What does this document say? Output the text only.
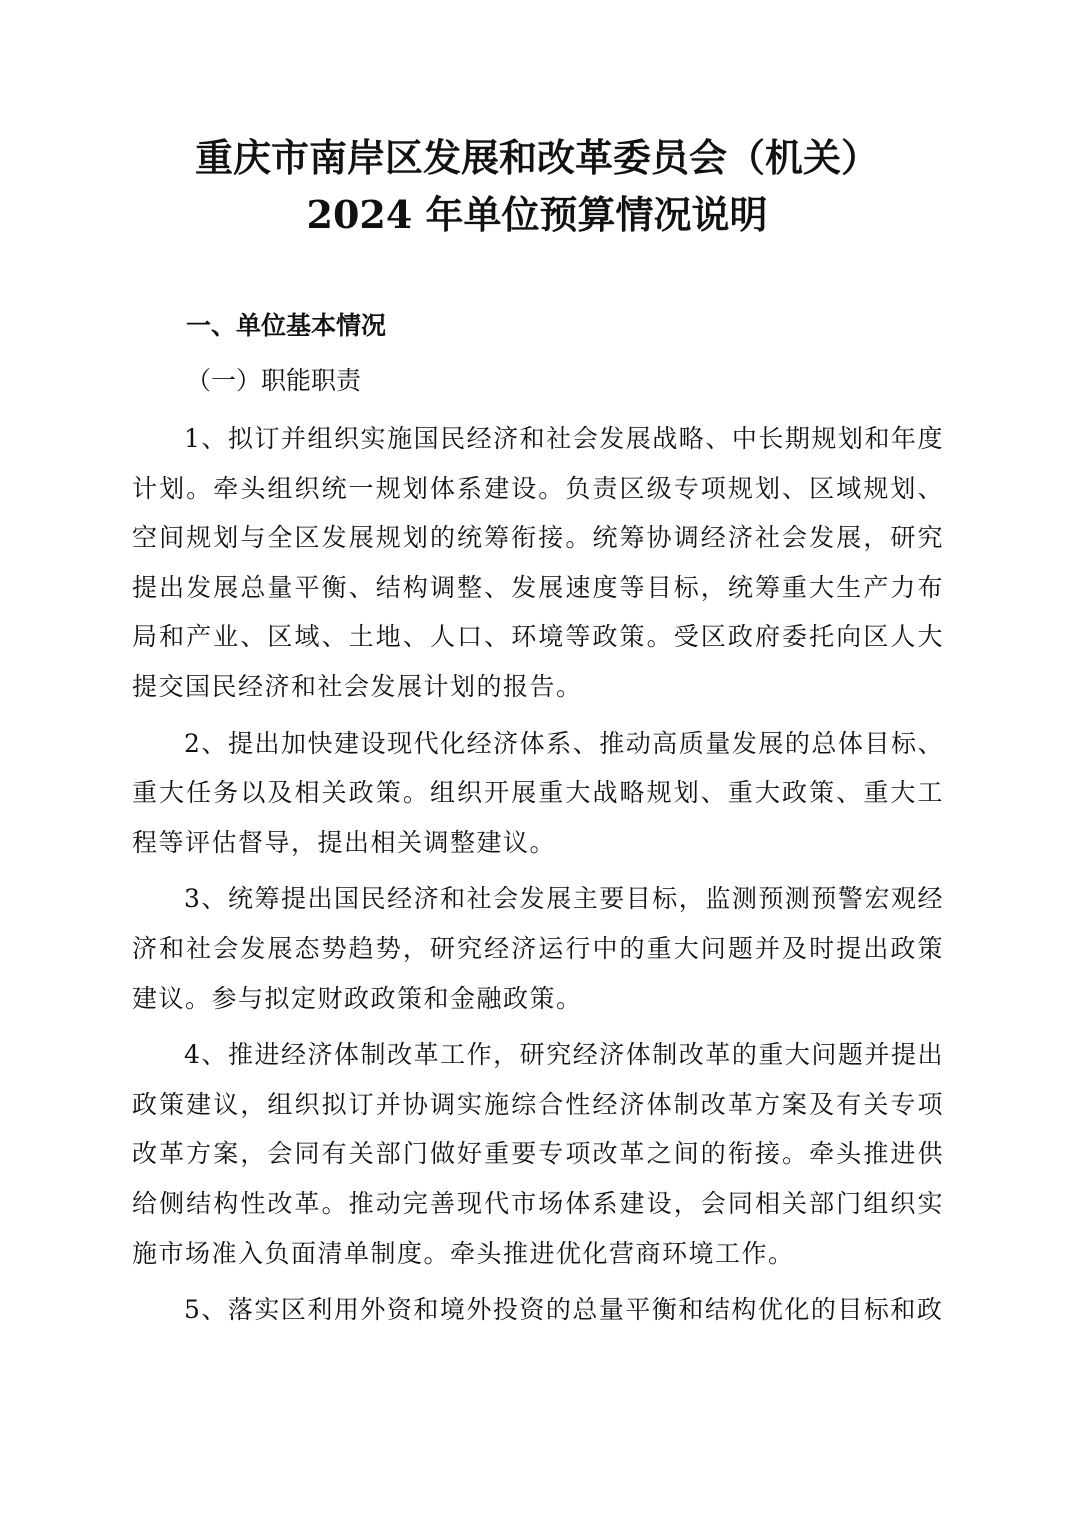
重庆市南岸区发展和改革委员会（机关）
2024 年单位预算情况说明
一、单位基本情况
（一）职能职责

1、拟订并组织实施国民经济和社会发展战略、中长期规划和年度计划。牵头组织统一规划体系建设。负责区级专项规划、区域规划、空间规划与全区发展规划的统筹衔接。统筹协调经济社会发展，研究提出发展总量平衡、结构调整、发展速度等目标，统筹重大生产力布局和产业、区域、土地、人口、环境等政策。受区政府委托向区人大提交国民经济和社会发展计划的报告。

2、提出加快建设现代化经济体系、推动高质量发展的总体目标、重大任务以及相关政策。组织开展重大战略规划、重大政策、重大工程等评估督导，提出相关调整建议。

3、统筹提出国民经济和社会发展主要目标，监测预测预警宏观经济和社会发展态势趋势，研究经济运行中的重大问题并及时提出政策建议。参与拟定财政政策和金融政策。

4、推进经济体制改革工作，研究经济体制改革的重大问题并提出政策建议，组织拟订并协调实施综合性经济体制改革方案及有关专项改革方案，会同有关部门做好重要专项改革之间的衔接。牵头推进供给侧结构性改革。推动完善现代市场体系建设，会同相关部门组织实施市场准入负面清单制度。牵头推进优化营商环境工作。

5、落实区利用外资和境外投资的总量平衡和结构优化的目标和政
